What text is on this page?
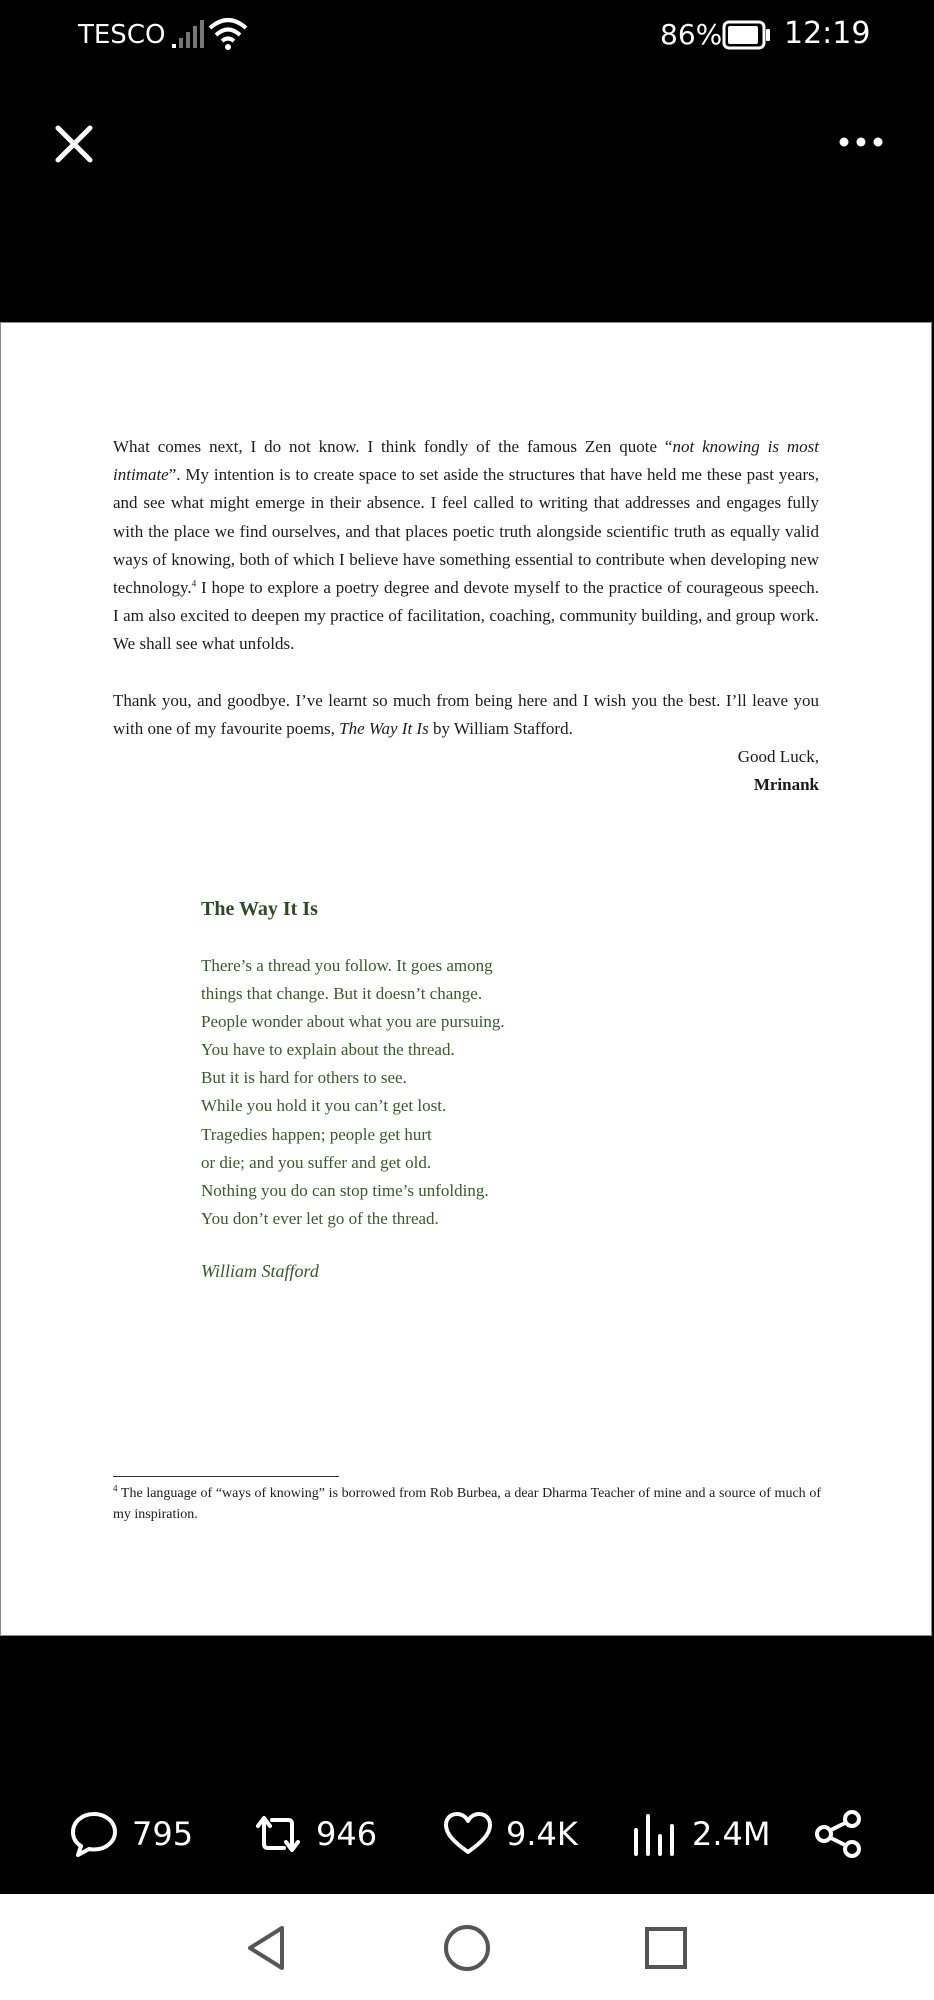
TESCO	86% 12:19

What comes next, I do not know. I think fondly of the famous Zen quote “not knowing is most intimate”. My intention is to create space to set aside the structures that have held me these past years, and see what might emerge in their absence. I feel called to writing that addresses and engages fully with the place we find ourselves, and that places poetic truth alongside scientific truth as equally valid ways of knowing, both of which I believe have something essential to contribute when developing new technology.$^4$ I hope to explore a poetry degree and devote myself to the practice of courageous speech. I am also excited to deepen my practice of facilitation, coaching, community building, and group work. We shall see what unfolds.

Thank you, and goodbye. I’ve learnt so much from being here and I wish you the best. I’ll leave you with one of my favourite poems, The Way It Is by William Stafford.

Good Luck,
Mrinank
The Way It Is
There’s a thread you follow. It goes among
things that change. But it doesn’t change.
People wonder about what you are pursuing.
You have to explain about the thread.
But it is hard for others to see.
While you hold it you can’t get lost.
Tragedies happen; people get hurt
or die; and you suffer and get old.
Nothing you do can stop time’s unfolding.
You don’t ever let go of the thread.
William Stafford
$^4$ The language of “ways of knowing” is borrowed from Rob Burbea, a dear Dharma Teacher of mine and a source of much of my inspiration.
795	946	9.4K	2.4M
